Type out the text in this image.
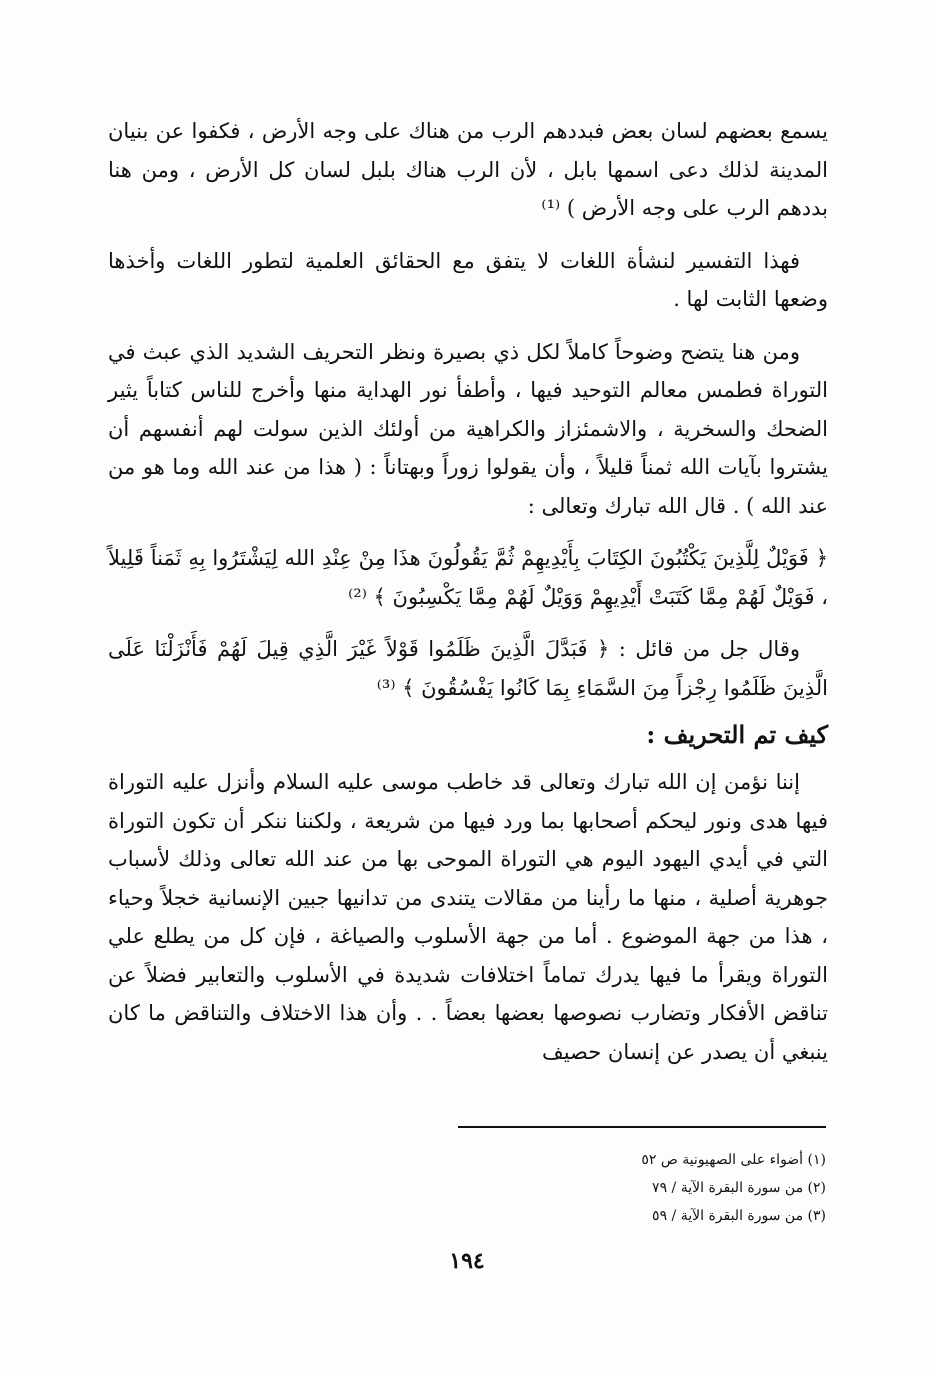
يسمع بعضهم لسان بعض فبددهم الرب من هناك على وجه الأرض ، فكفوا عن بنيان المدينة لذلك دعى اسمها بابل ، لأن الرب هناك بلبل لسان كل الأرض ، ومن هنا بددهم الرب على وجه الأرض ) ⁽¹⁾

فهذا التفسير لنشأة اللغات لا يتفق مع الحقائق العلمية لتطور اللغات وأخذها وضعها الثابت لها .

ومن هنا يتضح وضوحاً كاملاً لكل ذي بصيرة ونظر التحريف الشديد الذي عبث في التوراة فطمس معالم التوحيد فيها ، وأطفأ نور الهداية منها وأخرج للناس كتاباً يثير الضحك والسخرية ، والاشمئزاز والكراهية من أولئك الذين سولت لهم أنفسهم أن يشتروا بآيات الله ثمناً قليلاً ، وأن يقولوا زوراً وبهتاناً : ( هذا من عند الله وما هو من عند الله ) . قال الله تبارك وتعالى :

﴿ فَوَيْلٌ لِلَّذِينَ يَكْتُبُونَ الكِتَابَ بِأَيْدِيهِمْ ثُمَّ يَقُولُونَ هذَا مِنْ عِنْدِ الله لِيَشْتَرُوا بِهِ ثَمَناً قَلِيلاً ، فَوَيْلٌ لَهُمْ مِمَّا كَتَبَتْ أَيْدِيهِمْ وَوَيْلٌ لَهُمْ مِمَّا يَكْسِبُونَ ﴾ ⁽²⁾

وقال جل من قائل : ﴿ فَبَدَّلَ الَّذِينَ ظَلَمُوا قَوْلاً غَيْرَ الَّذِي قِيلَ لَهُمْ فَأَنْزَلْنَا عَلَى الَّذِينَ ظَلَمُوا رِجْزاً مِنَ السَّمَاءِ بِمَا كَانُوا يَفْسُقُونَ ﴾ ⁽³⁾

كيف تم التحريف :

إننا نؤمن إن الله تبارك وتعالى قد خاطب موسى عليه السلام وأنزل عليه التوراة فيها هدى ونور ليحكم أصحابها بما ورد فيها من شريعة ، ولكننا ننكر أن تكون التوراة التي في أيدي اليهود اليوم هي التوراة الموحى بها من عند الله تعالى وذلك لأسباب جوهرية أصلية ، منها ما رأينا من مقالات يتندى من تدانيها جبين الإنسانية خجلاً وحياء ، هذا من جهة الموضوع . أما من جهة الأسلوب والصياغة ، فإن كل من يطلع علي التوراة ويقرأ ما فيها يدرك تماماً اختلافات شديدة في الأسلوب والتعابير فضلاً عن تناقض الأفكار وتضارب نصوصها بعضها بعضاً . . وأن هذا الاختلاف والتناقض ما كان ينبغي أن يصدر عن إنسان حصيف

(١) أضواء على الصهيونية ص ٥٢
(٢) من سورة البقرة الآية / ٧٩
(٣) من سورة البقرة الآية / ٥٩
١٩٤
